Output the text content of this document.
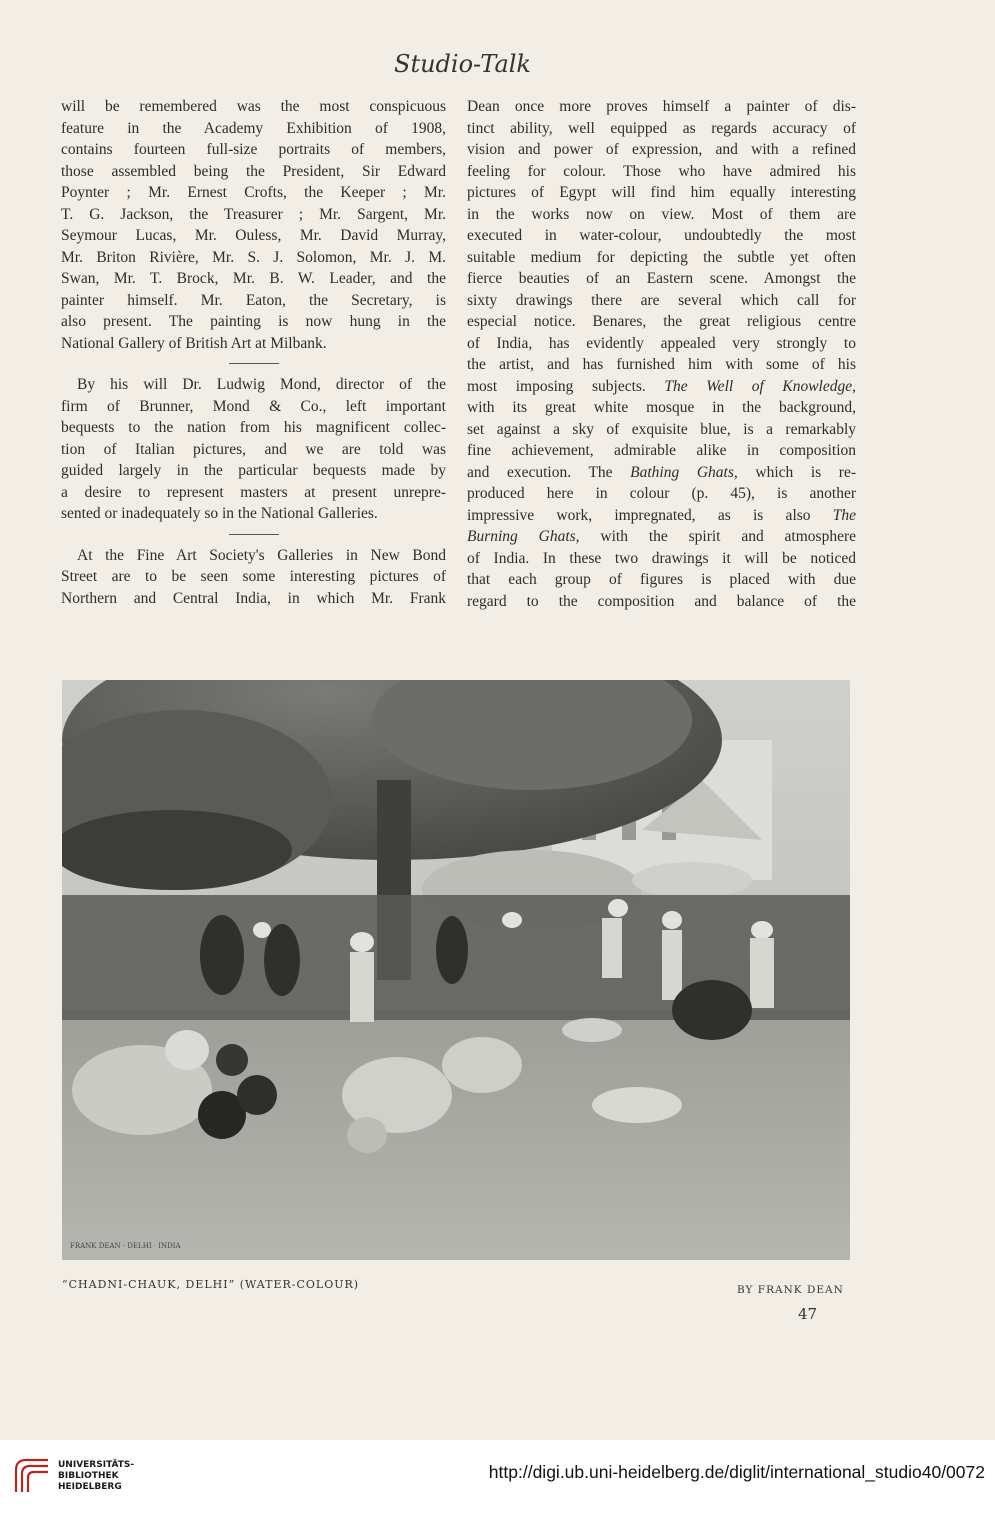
Studio-Talk
will be remembered was the most conspicuous
feature in the Academy Exhibition of 1908,
contains fourteen full-size portraits of members,
those assembled being the President, Sir Edward
Poynter ; Mr. Ernest Crofts, the Keeper ; Mr.
T. G. Jackson, the Treasurer ; Mr. Sargent, Mr.
Seymour Lucas, Mr. Ouless, Mr. David Murray,
Mr. Briton Rivière, Mr. S. J. Solomon, Mr. J. M.
Swan, Mr. T. Brock, Mr. B. W. Leader, and the
painter himself. Mr. Eaton, the Secretary, is
also present. The painting is now hung in the
National Gallery of British Art at Milbank.
By his will Dr. Ludwig Mond, director of the
firm of Brunner, Mond & Co., left important
bequests to the nation from his magnificent collec-
tion of Italian pictures, and we are told was
guided largely in the particular bequests made by
a desire to represent masters at present unrepre-
sented or inadequately so in the National Galleries.
At the Fine Art Society's Galleries in New Bond
Street are to be seen some interesting pictures of
Northern and Central India, in which Mr. Frank
Dean once more proves himself a painter of dis-
tinct ability, well equipped as regards accuracy of
vision and power of expression, and with a refined
feeling for colour. Those who have admired his
pictures of Egypt will find him equally interesting
in the works now on view. Most of them are
executed in water-colour, undoubtedly the most
suitable medium for depicting the subtle yet often
fierce beauties of an Eastern scene. Amongst the
sixty drawings there are several which call for
especial notice. Benares, the great religious centre
of India, has evidently appealed very strongly to
the artist, and has furnished him with some of his
most imposing subjects. The Well of Knowledge,
with its great white mosque in the background,
set against a sky of exquisite blue, is a remarkably
fine achievement, admirable alike in composition
and execution. The Bathing Ghats, which is re-
produced here in colour (p. 45), is another
impressive work, impregnated, as is also The
Burning Ghats, with the spirit and atmosphere
of India. In these two drawings it will be noticed
that each group of figures is placed with due
regard to the composition and balance of the
FRANK DEAN · DELHI · INDIA
“CHADNI-CHAUK, DELHI” (WATER-COLOUR)	BY FRANK DEAN
47
UNIVERSITÄTS-
BIBLIOTHEK
HEIDELBERG
http://digi.ub.uni-heidelberg.de/diglit/international_studio40/0072
